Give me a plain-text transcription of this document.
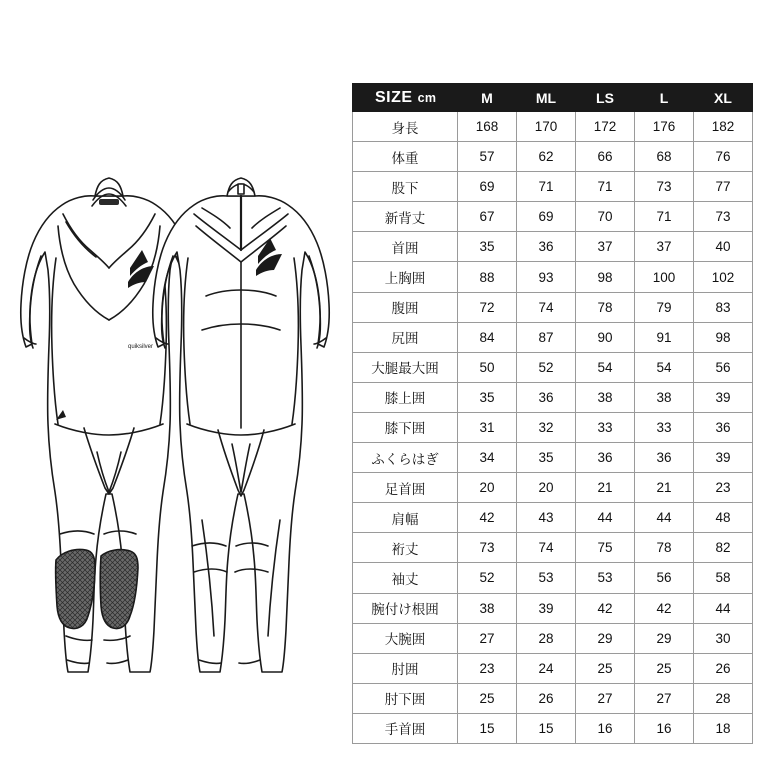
quiksilver
SIZE cm	M	ML	LS	L	XL
身長	168	170	172	176	182
体重	57	62	66	68	76
股下	69	71	71	73	77
新背丈	67	69	70	71	73
首囲	35	36	37	37	40
上胸囲	88	93	98	100	102
腹囲	72	74	78	79	83
尻囲	84	87	90	91	98
大腿最大囲	50	52	54	54	56
膝上囲	35	36	38	38	39
膝下囲	31	32	33	33	36
ふくらはぎ	34	35	36	36	39
足首囲	20	20	21	21	23
肩幅	42	43	44	44	48
裄丈	73	74	75	78	82
袖丈	52	53	53	56	58
腕付け根囲	38	39	42	42	44
大腕囲	27	28	29	29	30
肘囲	23	24	25	25	26
肘下囲	25	26	27	27	28
手首囲	15	15	16	16	18
